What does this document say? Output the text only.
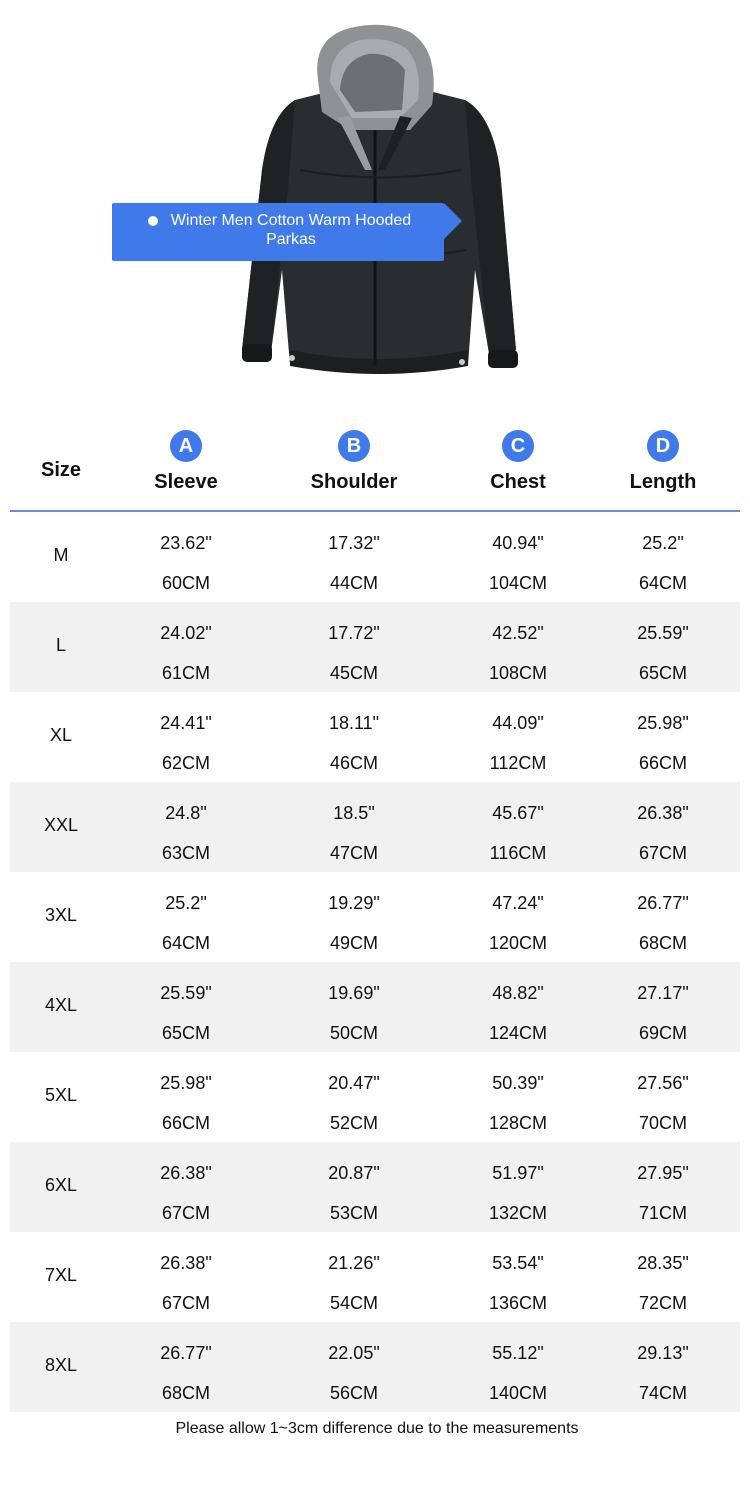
Winter Men Cotton Warm Hooded Parkas
Size
A
Sleeve
B
Shoulder
C
Chest
D
Length
M
23.62"
60CM
17.32"
44CM
40.94"
104CM
25.2"
64CM
L
24.02"
61CM
17.72"
45CM
42.52"
108CM
25.59"
65CM
XL
24.41"
62CM
18.11"
46CM
44.09"
112CM
25.98"
66CM
XXL
24.8"
63CM
18.5"
47CM
45.67"
116CM
26.38"
67CM
3XL
25.2"
64CM
19.29"
49CM
47.24"
120CM
26.77"
68CM
4XL
25.59"
65CM
19.69"
50CM
48.82"
124CM
27.17"
69CM
5XL
25.98"
66CM
20.47"
52CM
50.39"
128CM
27.56"
70CM
6XL
26.38"
67CM
20.87"
53CM
51.97"
132CM
27.95"
71CM
7XL
26.38"
67CM
21.26"
54CM
53.54"
136CM
28.35"
72CM
8XL
26.77"
68CM
22.05"
56CM
55.12"
140CM
29.13"
74CM
Please allow 1~3cm difference due to the measurements
